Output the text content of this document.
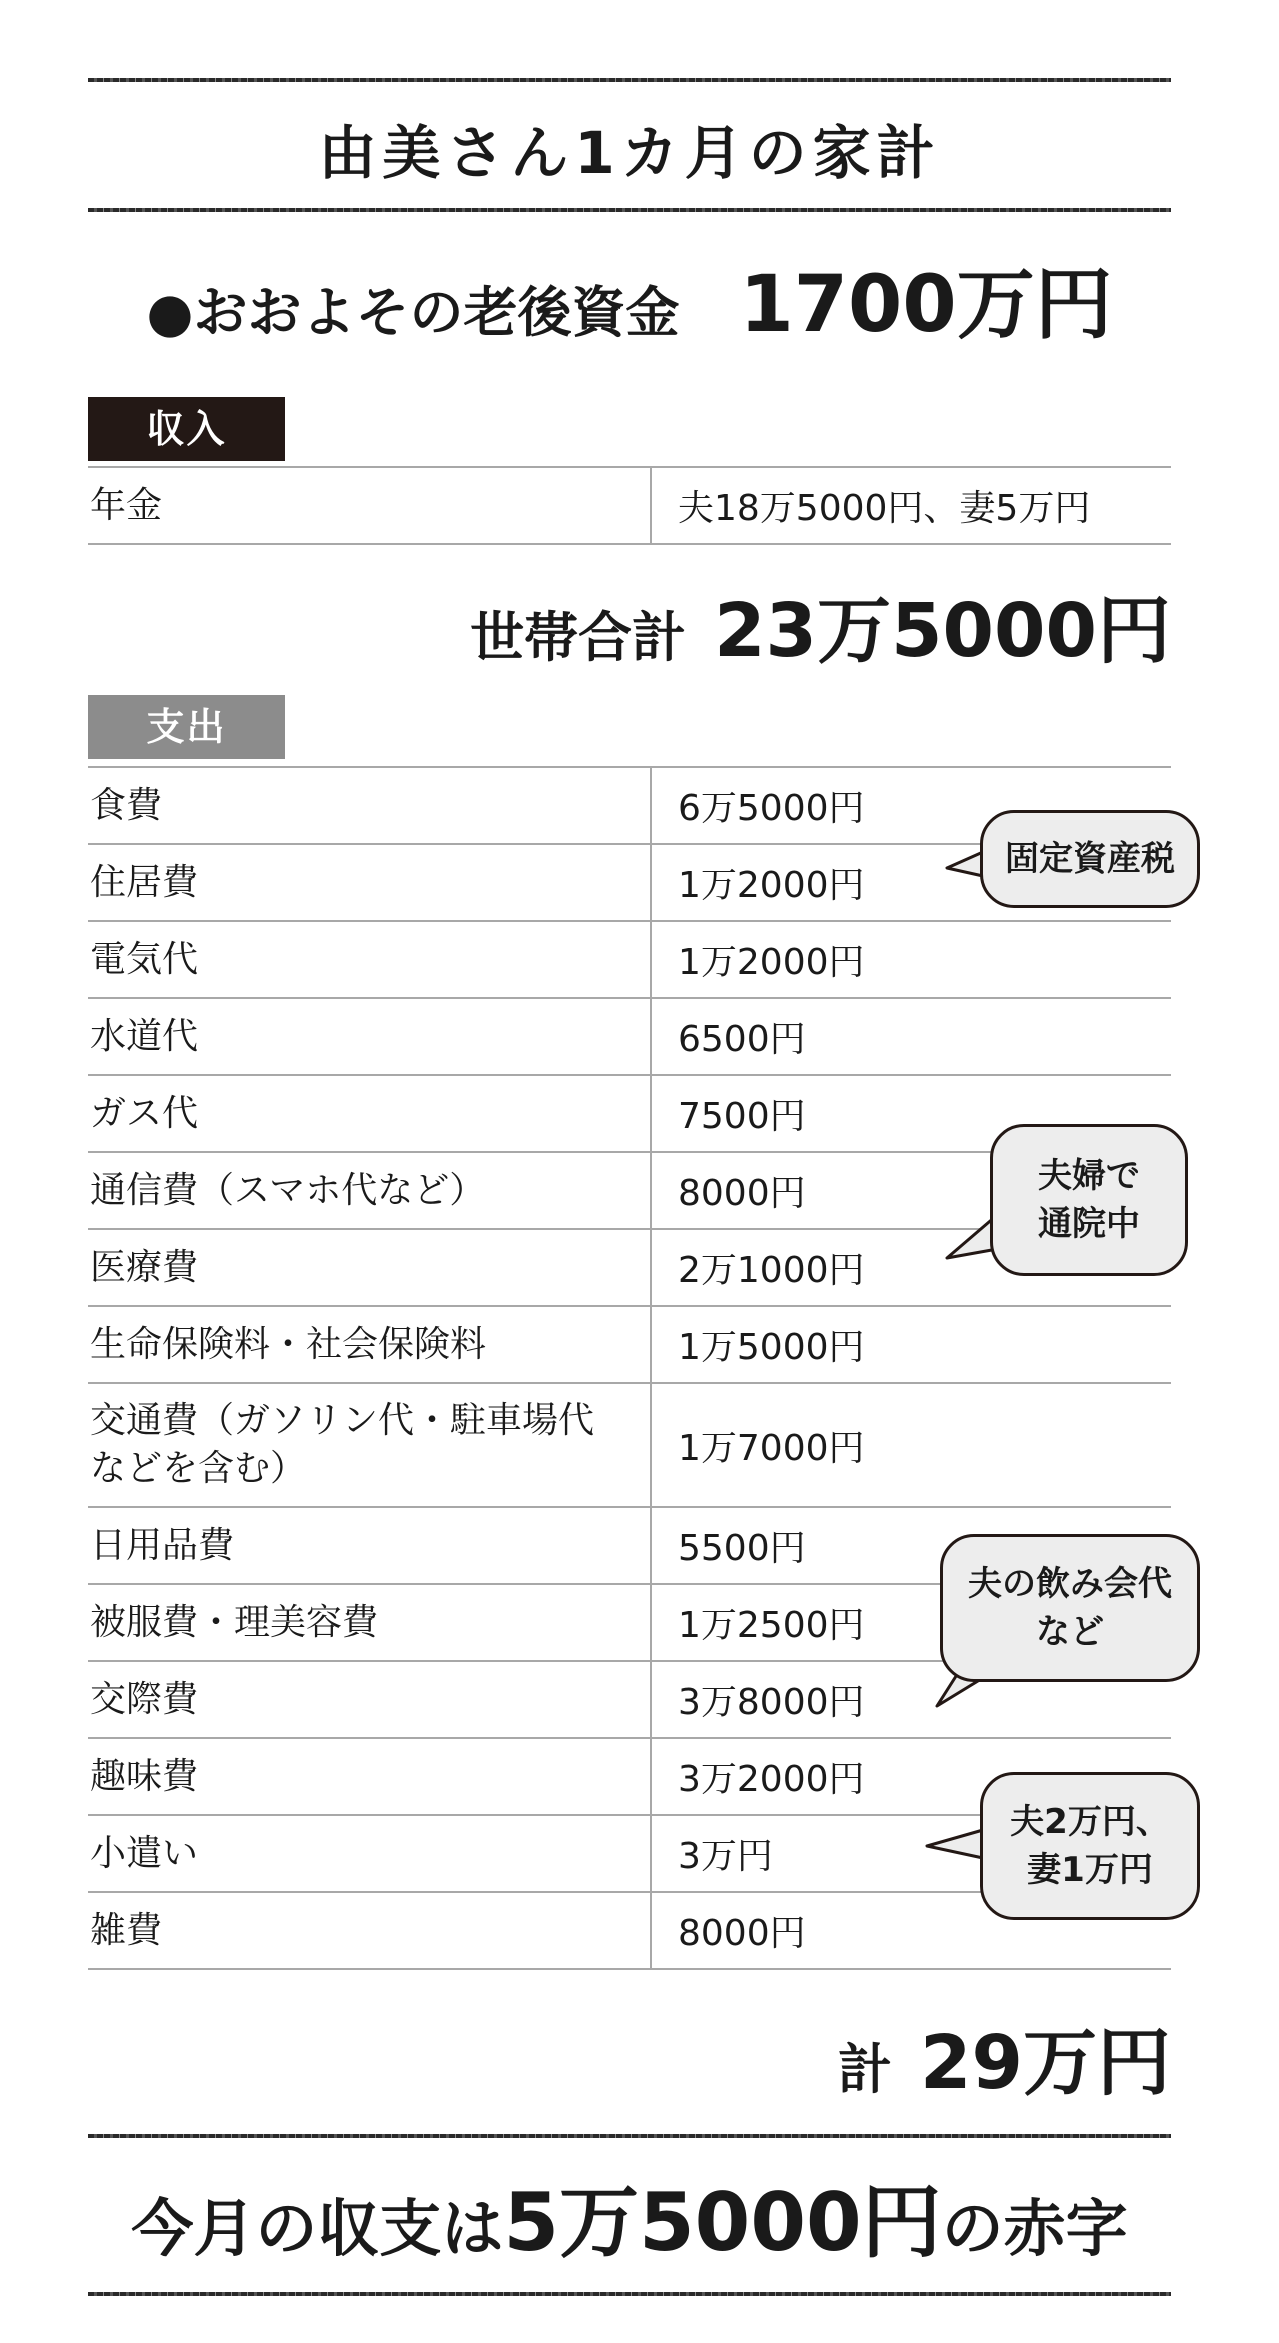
由美さん1カ月の家計
●おおよその老後資金 1700万円
収入
年金	夫18万5000円、妻5万円
世帯合計 23万5000円
支出
食費	6万5000円
住居費	1万2000円
電気代	1万2000円
水道代	6500円
ガス代	7500円
通信費（スマホ代など）	8000円
医療費	2万1000円
生命保険料・社会保険料	1万5000円
交通費（ガソリン代・駐車場代
などを含む）	1万7000円
日用品費	5500円
被服費・理美容費	1万2500円
交際費	3万8000円
趣味費	3万2000円
小遣い	3万円
雑費	8000円
計 29万円
今月の収支は5万5000円の赤字
固定資産税
夫婦で
通院中
夫の飲み会代
など
夫2万円、
妻1万円
